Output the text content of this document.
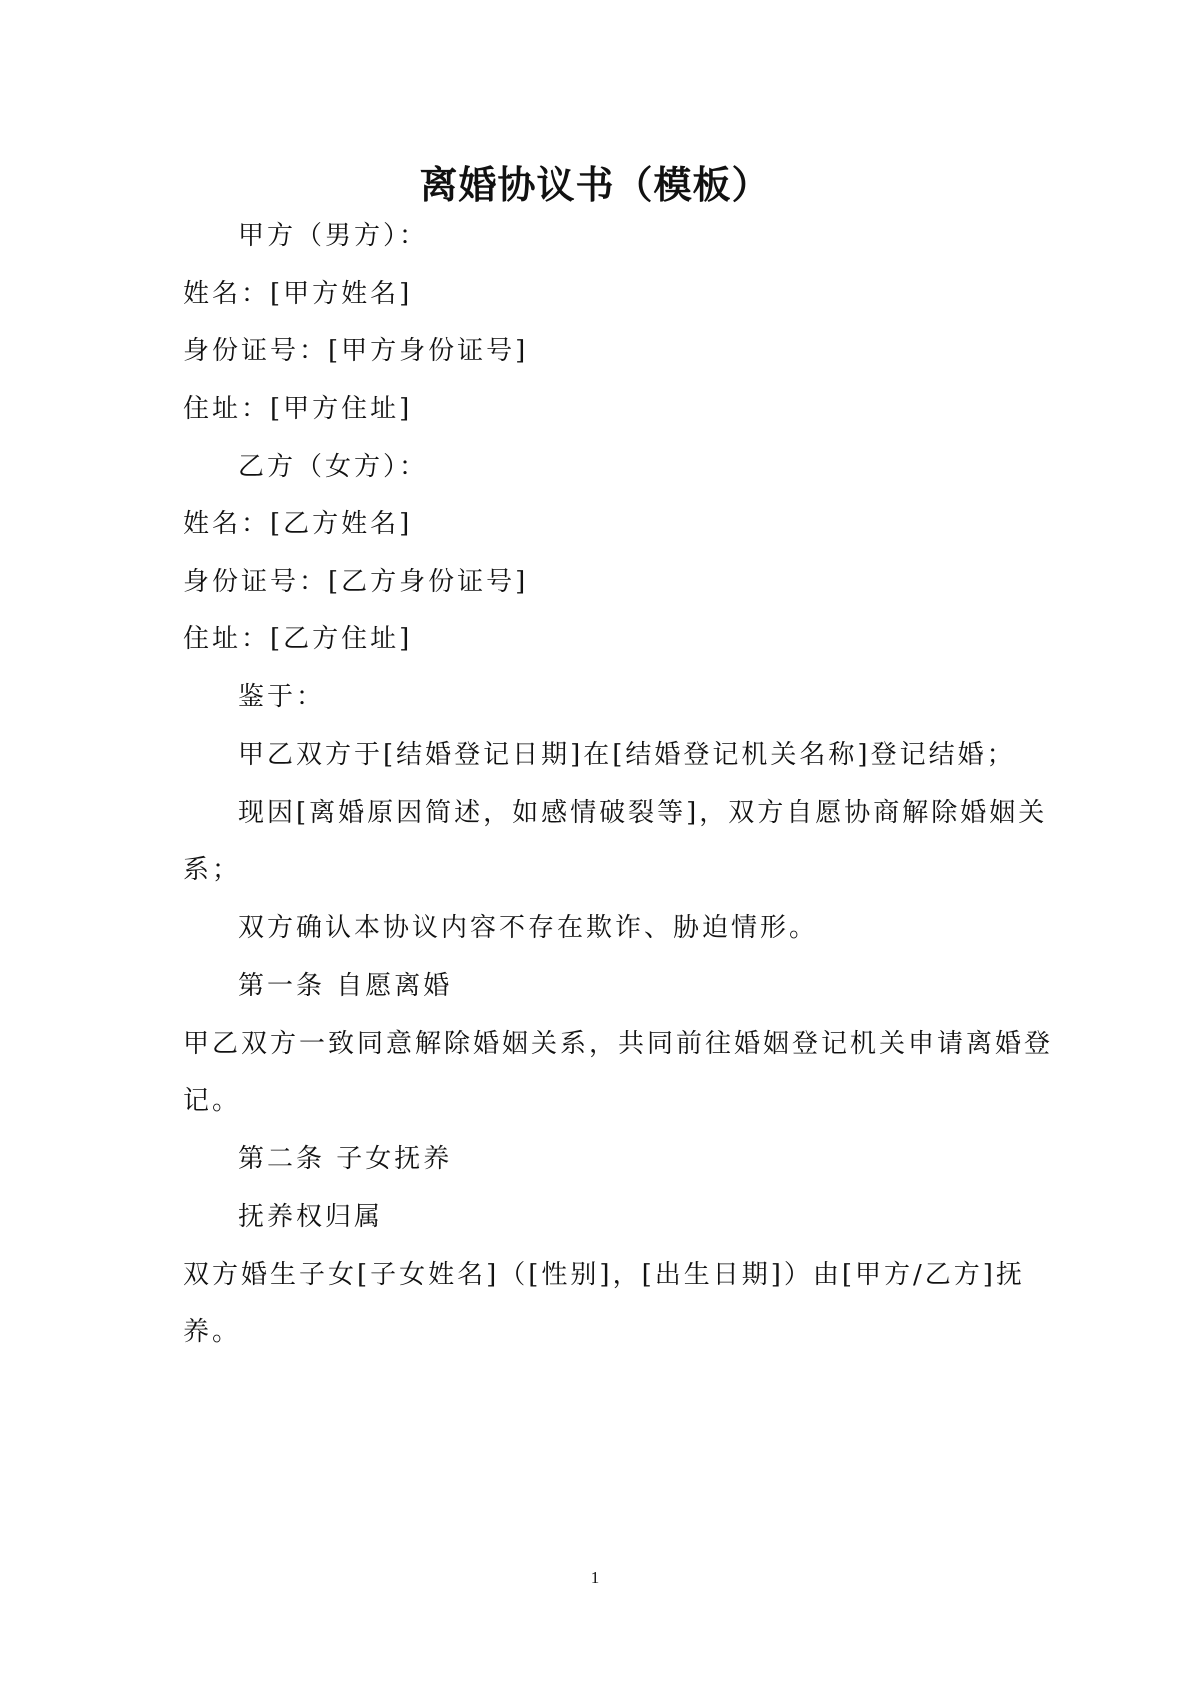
离婚协议书（模板）

甲方（男方）：

姓名：[甲方姓名]

身份证号：[甲方身份证号]

住址：[甲方住址]

乙方（女方）：

姓名：[乙方姓名]

身份证号：[乙方身份证号]

住址：[乙方住址]

鉴于：

甲乙双方于[结婚登记日期]在[结婚登记机关名称]登记结婚；

现因[离婚原因简述，如感情破裂等]，双方自愿协商解除婚姻关

系；

双方确认本协议内容不存在欺诈、胁迫情形。

第一条 自愿离婚

甲乙双方一致同意解除婚姻关系，共同前往婚姻登记机关申请离婚登

记。

第二条 子女抚养

抚养权归属

双方婚生子女[子女姓名]（[性别]，[出生日期]）由[甲方/乙方]抚

养。

1
